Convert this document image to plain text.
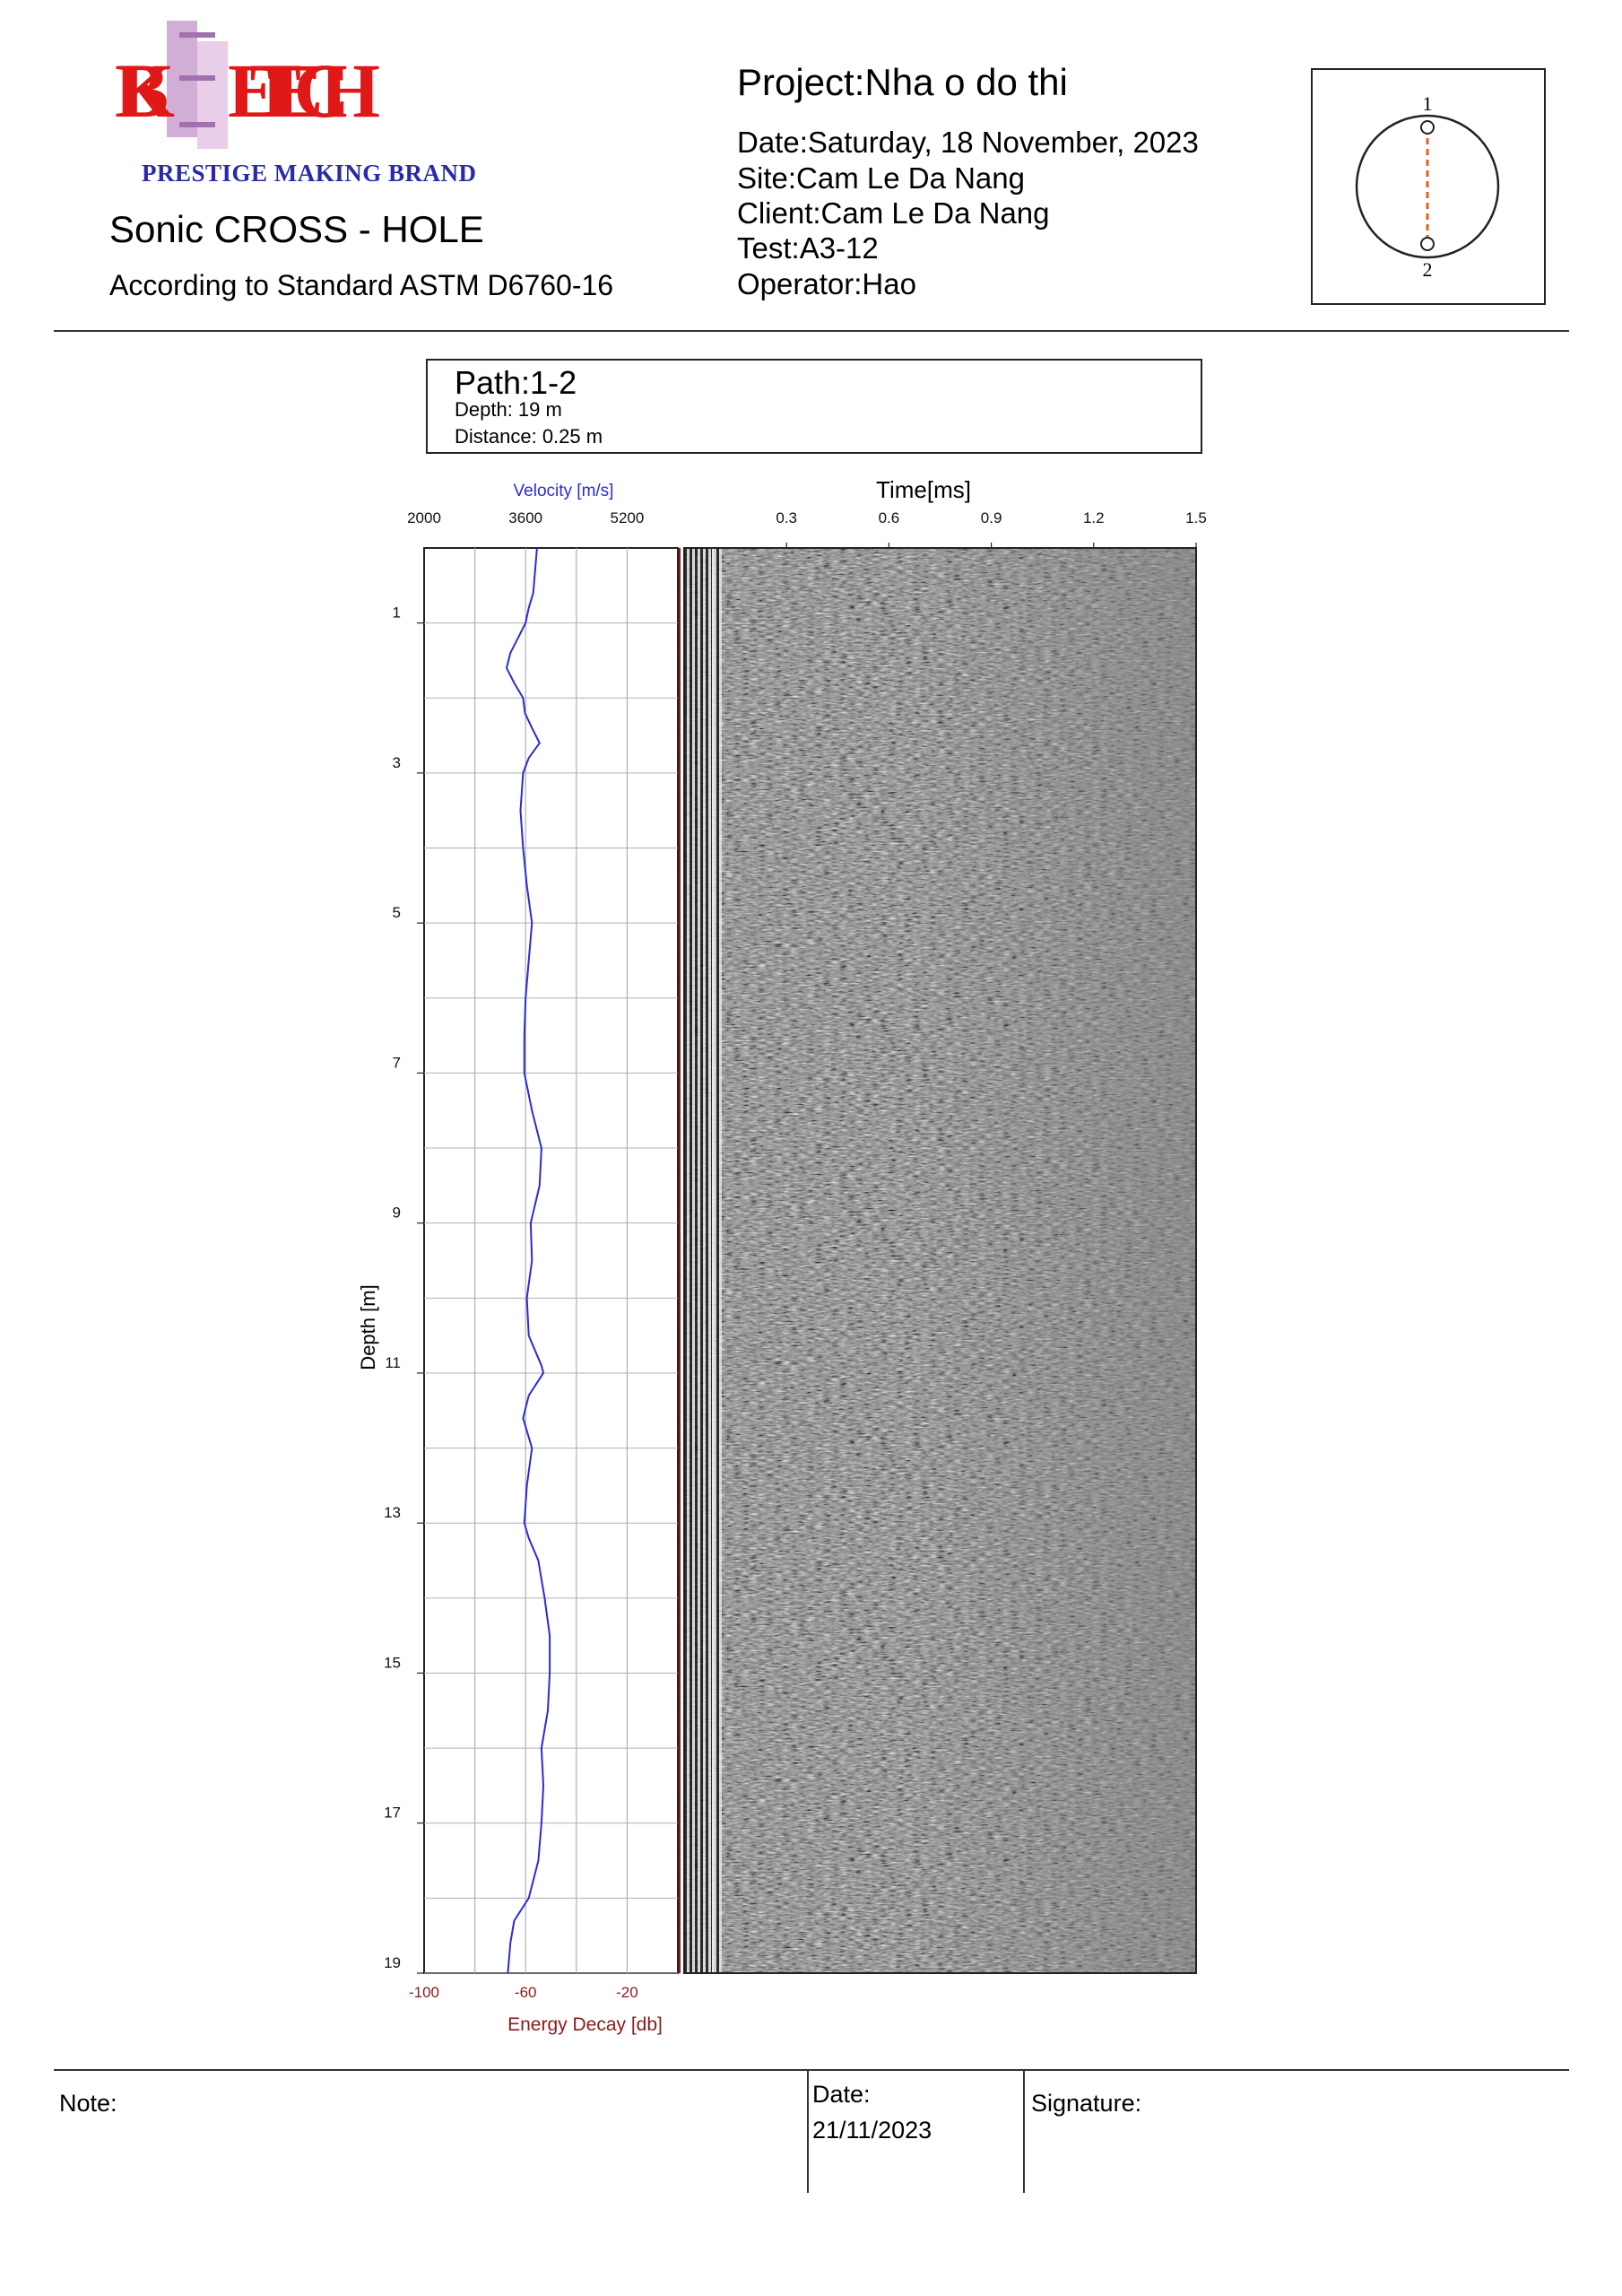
BK ETECH
PRESTIGE MAKING BRAND
Sonic CROSS - HOLE
According to Standard ASTM D6760-16
Project:Nha o do thi
Date:Saturday, 18 November, 2023
Site:Cam Le Da Nang
Client:Cam Le Da Nang
Test:A3-12
Operator:Hao
1
2
Path:1-2
Depth: 19 m
Distance: 0.25 m
1
3
5
7
9
11
13
15
17
19
Depth [m]
Velocity [m/s]
2000	3600	5200
-100	-60	-20
Energy Decay [db]
Time[ms]
0.3	0.6	0.9	1.2	1.5
Note:	Date:
21/11/2023
Signature:
